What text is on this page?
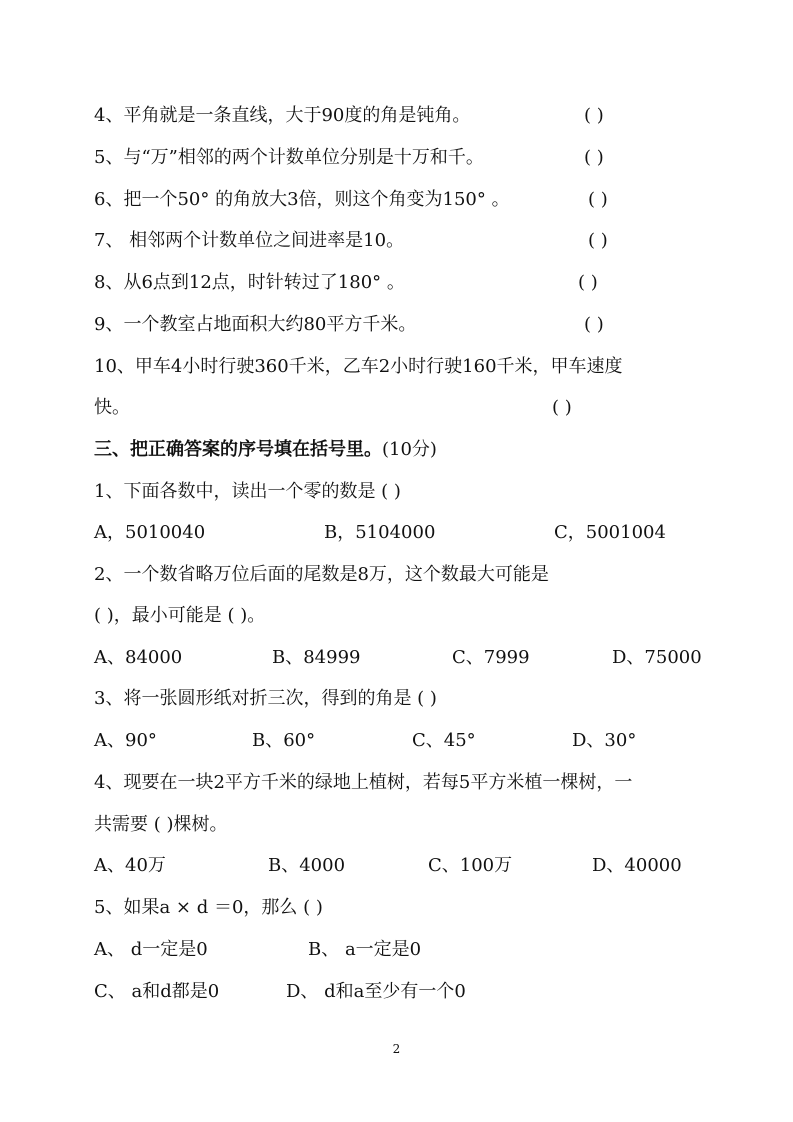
4、平角就是一条直线，大于90度的角是钝角。	( )
5、与“万”相邻的两个计数单位分别是十万和千。	( )
6、把一个50° 的角放大3倍，则这个角变为150° 。	( )
7、 相邻两个计数单位之间进率是10。	( )
8、从6点到12点，时针转过了180° 。	( )
9、一个教室占地面积大约80平方千米。	( )
10、甲车4小时行驶360千米，乙车2小时行驶160千米，甲车速度
快。	( )
三、把正确答案的序号填在括号里。(10分)
1、下面各数中，读出一个零的数是 ( )
A，5010040	B，5104000	C，5001004
2、一个数省略万位后面的尾数是8万，这个数最大可能是
( )，最小可能是 ( )。
A、84000	B、84999	C、7999	D、75000
3、将一张圆形纸对折三次，得到的角是 ( )
A、90°	B、60°	C、45°	D、30°
4、现要在一块2平方千米的绿地上植树，若每5平方米植一棵树，一
共需要 ( )棵树。
A、40万	B、4000	C、100万	D、40000
5、如果a × d ＝0，那么 ( )
A、 d一定是0	B、 a一定是0
C、 a和d都是0	D、 d和a至少有一个0
2
